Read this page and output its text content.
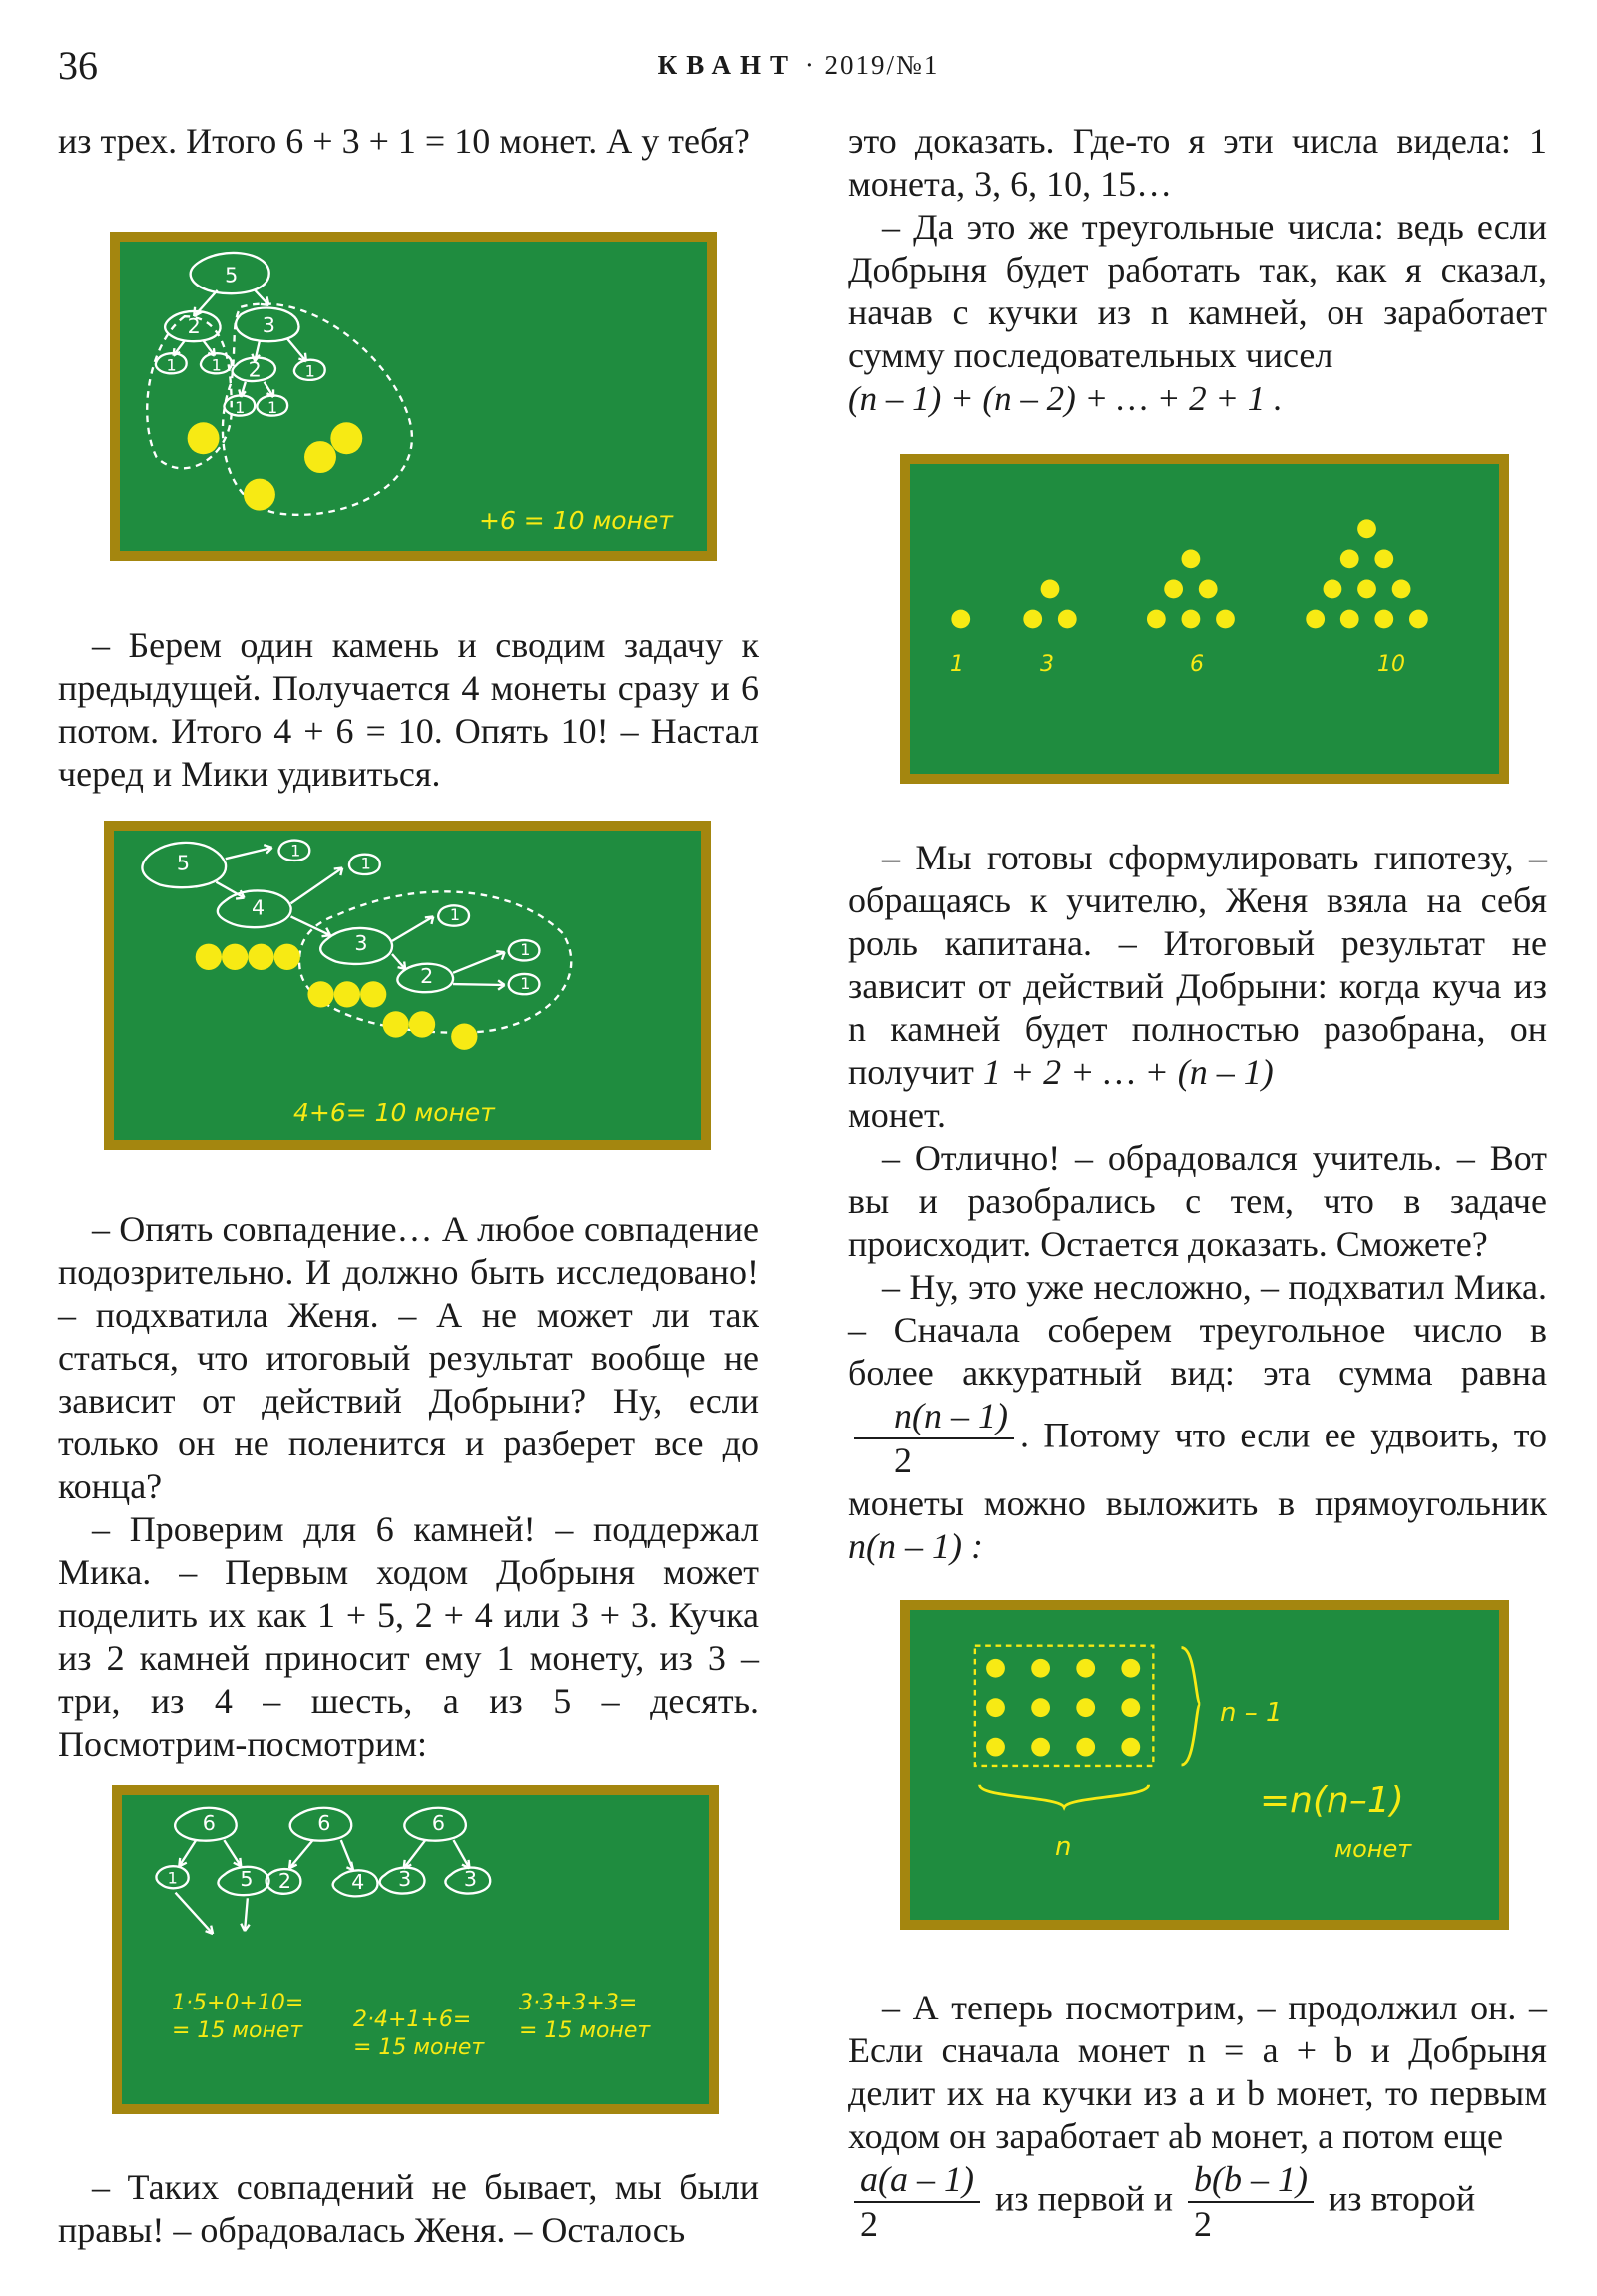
36	КВАНТ · 2019/№1

из трех. Итого 6 + 3 + 1 = 10 монет. А у тебя?

5
2	3
1 1 2	1
1 1
+6 = 10 монет

– Берем один камень и сводим задачу к предыдущей. Получается 4 монеты сразу и 6 потом. Итого 4 + 6 = 10. Опять 10! – Настал черед и Мики удивиться.

5
4
3
2
1
1
1
1
1
4+6= 10 монет

– Опять совпадение… А любое совпадение подозрительно. И должно быть исследовано! – подхватила Женя. – А не может ли так статься, что итоговый результат вообще не зависит от действий Добрыни? Ну, если только он не поленится и разберет все до конца?

– Проверим для 6 камней! – поддержал Мика. – Первым ходом Добрыня может поделить их как 1 + 5, 2 + 4 или 3 + 3. Кучка из 2 камней приносит ему 1 монету, из 3 – три, из 4 – шесть, а из 5 – десять. Посмотрим-посмотрим:

6	6	6
1	5 2	4 3 3
1·5+0+10=
= 15 монет 2·4+1+6=
= 15 монет
3·3+3+3=
= 15 монет

– Таких совпадений не бывает, мы были правы! – обрадовалась Женя. – Осталось

это доказать. Где-то я эти числа видела: 1 монета, 3, 6, 10, 15…

– Да это же треугольные числа: ведь если Добрыня будет работать так, как я сказал, начав с кучки из n камней, он заработает сумму последовательных чисел

(n – 1) + (n – 2) + … + 2 + 1 .

1	3	6	10

– Мы готовы сформулировать гипотезу, – обращаясь к учителю, Женя взяла на себя роль капитана. – Итоговый результат не зависит от действий Добрыни: когда куча из n камней будет полностью разобрана, он получит 1 + 2 + … + (n – 1)

монет.

– Отлично! – обрадовался учитель. – Вот вы и разобрались с тем, что в задаче происходит. Остается доказать. Сможете?

– Ну, это уже несложно, – подхватил Мика. – Сначала соберем треугольное число в более аккуратный вид: эта сумма равна
$\frac{n(n - 1)}{2}$ . Потому что если ее удвоить, то монеты можно выложить в прямоугольник n(n – 1) :

n – 1
n
=n(n–1)
монет

– А теперь посмотрим, – продолжил он. – Если сначала монет n = a + b и Добрыня делит их на кучки из a и b монет, то первым ходом он заработает ab монет, а потом еще

$\frac{a(a - 1)}{2}$ из первой и $\frac{b(b - 1)}{2}$ из второй
